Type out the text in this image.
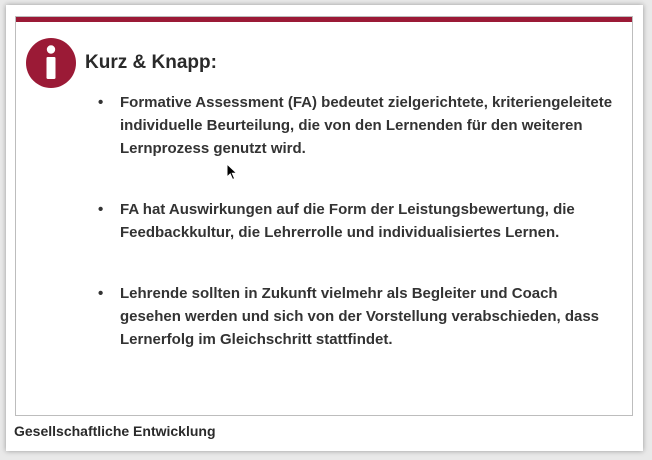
Kurz & Knapp:
• Formative Assessment (FA) bedeutet zielgerichtete, kriteriengeleitete individuelle Beurteilung, die von den Lernenden für den weiteren Lernprozess genutzt wird.
• FA hat Auswirkungen auf die Form der Leistungsbewertung, die Feedbackkultur, die Lehrerrolle und individualisiertes Lernen.
• Lehrende sollten in Zukunft vielmehr als Begleiter und Coach gesehen werden und sich von der Vorstellung verabschieden, dass Lernerfolg im Gleichschritt stattfindet.
Gesellschaftliche Entwicklung
